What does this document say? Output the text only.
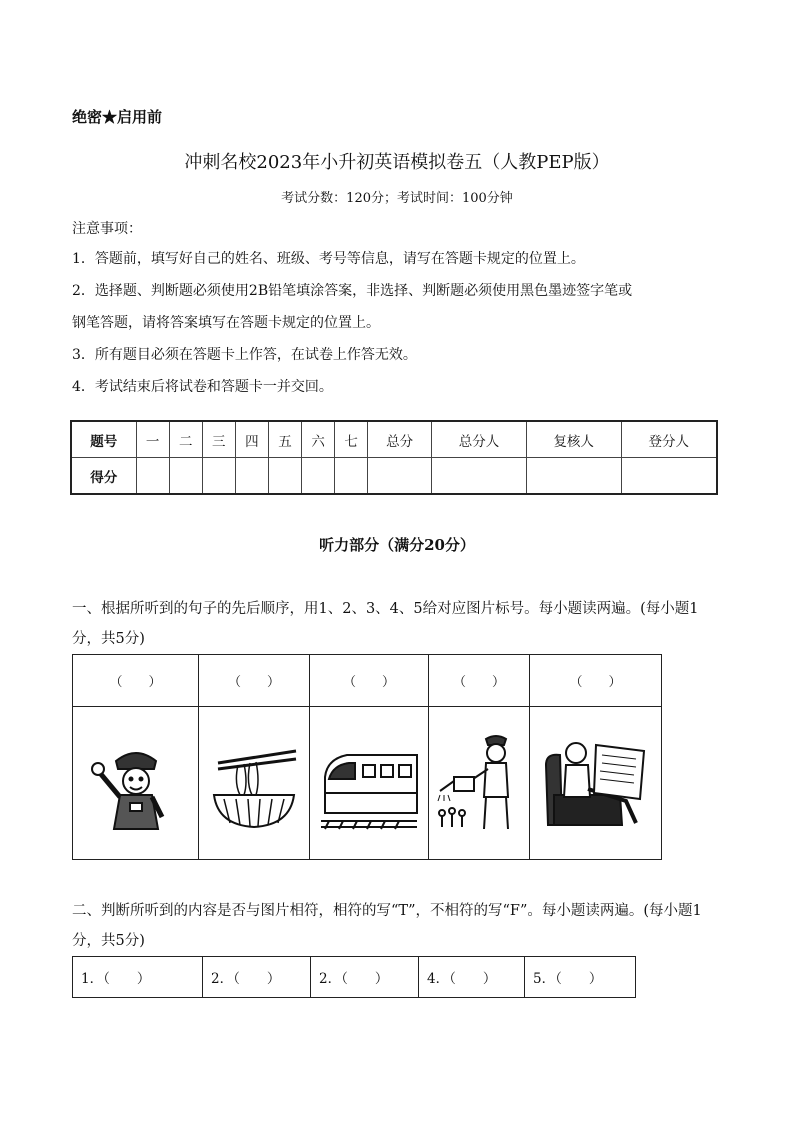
绝密★启用前
冲刺名校2023年小升初英语模拟卷五（人教PEP版）
考试分数：120分；考试时间：100分钟
注意事项：
1．答题前，填写好自己的姓名、班级、考号等信息，请写在答题卡规定的位置上。
2．选择题、判断题必须使用2B铅笔填涂答案，非选择、判断题必须使用黑色墨迹签字笔或
钢笔答题，请将答案填写在答题卡规定的位置上。
3．所有题目必须在答题卡上作答，在试卷上作答无效。
4．考试结束后将试卷和答题卡一并交回。
题号	一	二	三	四	五	六	七	总分	总分人	复核人	登分人
得分											
听力部分（满分20分）
一、根据所听到的句子的先后顺序，用1、2、3、4、5给对应图片标号。每小题读两遍。(每小题1分，共5分)
（　　）	（　　）	（　　）	（　　）	（　　）

二、判断所听到的内容是否与图片相符，相符的写“T”，不相符的写“F”。每小题读两遍。(每小题1分，共5分)
1．（　　）	2．（　　）	2．（　　）	4．（　　）	5．（　　）
